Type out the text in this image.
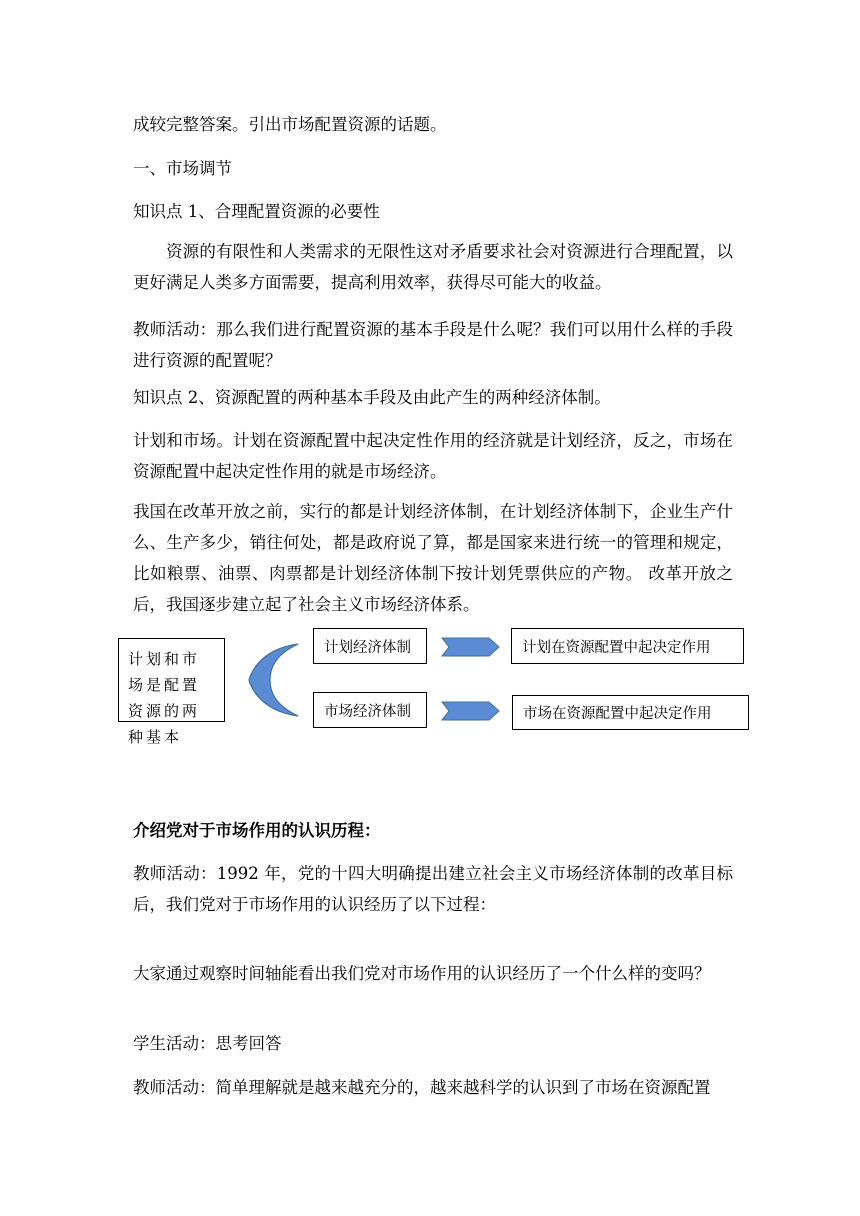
成较完整答案。引出市场配置资源的话题。

一、市场调节

知识点 1、合理配置资源的必要性

资源的有限性和人类需求的无限性这对矛盾要求社会对资源进行合理配置，以更好满足人类多方面需要，提高利用效率，获得尽可能大的收益。

教师活动：那么我们进行配置资源的基本手段是什么呢？我们可以用什么样的手段进行资源的配置呢？

知识点 2、资源配置的两种基本手段及由此产生的两种经济体制。

计划和市场。计划在资源配置中起决定性作用的经济就是计划经济，反之，市场在资源配置中起决定性作用的就是市场经济。

我国在改革开放之前，实行的都是计划经济体制，在计划经济体制下，企业生产什么、生产多少，销往何处，都是政府说了算，都是国家来进行统一的管理和规定，比如粮票、油票、肉票都是计划经济体制下按计划凭票供应的产物。 改革开放之后，我国逐步建立起了社会主义市场经济体系。

计划和市场是配置资源的两种基本
计划经济体制
市场经济体制
计划在资源配置中起决定作用
市场在资源配置中起决定作用

介绍党对于市场作用的认识历程：

教师活动：1992 年，党的十四大明确提出建立社会主义市场经济体制的改革目标后，我们党对于市场作用的认识经历了以下过程：

大家通过观察时间轴能看出我们党对市场作用的认识经历了一个什么样的变吗？

学生活动：思考回答

教师活动：简单理解就是越来越充分的，越来越科学的认识到了市场在资源配置
